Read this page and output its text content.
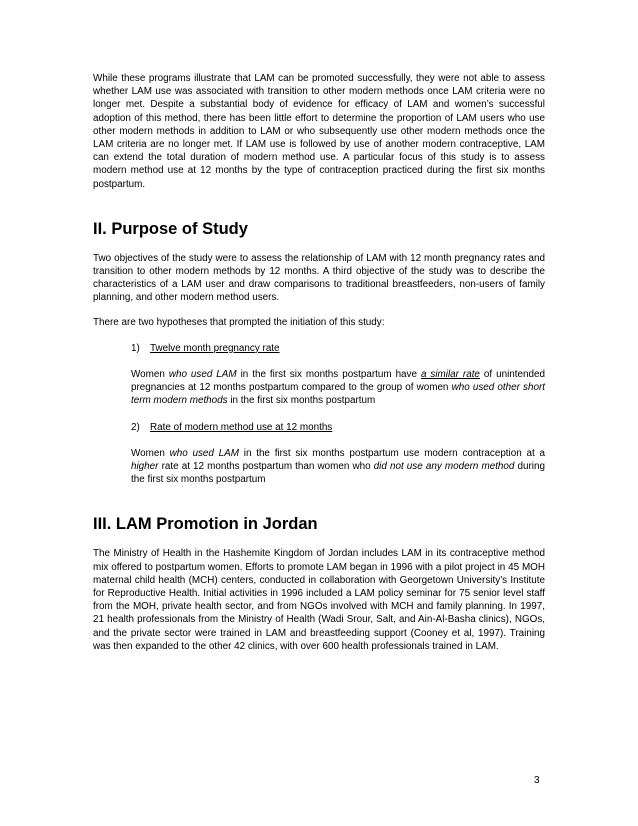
While these programs illustrate that LAM can be promoted successfully, they were not able to assess whether LAM use was associated with transition to other modern methods once LAM criteria were no longer met. Despite a substantial body of evidence for efficacy of LAM and women’s successful adoption of this method, there has been little effort to determine the proportion of LAM users who use other modern methods in addition to LAM or who subsequently use other modern methods once the LAM criteria are no longer met. If LAM use is followed by use of another modern contraceptive, LAM can extend the total duration of modern method use. A particular focus of this study is to assess modern method use at 12 months by the type of contraception practiced during the first six months postpartum.

II. Purpose of Study

Two objectives of the study were to assess the relationship of LAM with 12 month pregnancy rates and transition to other modern methods by 12 months. A third objective of the study was to describe the characteristics of a LAM user and draw comparisons to traditional breastfeeders, non-users of family planning, and other modern method users.

There are two hypotheses that prompted the initiation of this study:

1) Twelve month pregnancy rate

Women who used LAM in the first six months postpartum have a similar rate of unintended pregnancies at 12 months postpartum compared to the group of women who used other short term modern methods in the first six months postpartum

2) Rate of modern method use at 12 months

Women who used LAM in the first six months postpartum use modern contraception at a higher rate at 12 months postpartum than women who did not use any modern method during the first six months postpartum

III. LAM Promotion in Jordan

The Ministry of Health in the Hashemite Kingdom of Jordan includes LAM in its contraceptive method mix offered to postpartum women. Efforts to promote LAM began in 1996 with a pilot project in 45 MOH maternal child health (MCH) centers, conducted in collaboration with Georgetown University’s Institute for Reproductive Health. Initial activities in 1996 included a LAM policy seminar for 75 senior level staff from the MOH, private health sector, and from NGOs involved with MCH and family planning. In 1997, 21 health professionals from the Ministry of Health (Wadi Srour, Salt, and Ain-Al-Basha clinics), NGOs, and the private sector were trained in LAM and breastfeeding support (Cooney et al, 1997). Training was then expanded to the other 42 clinics, with over 600 health professionals trained in LAM.

3
